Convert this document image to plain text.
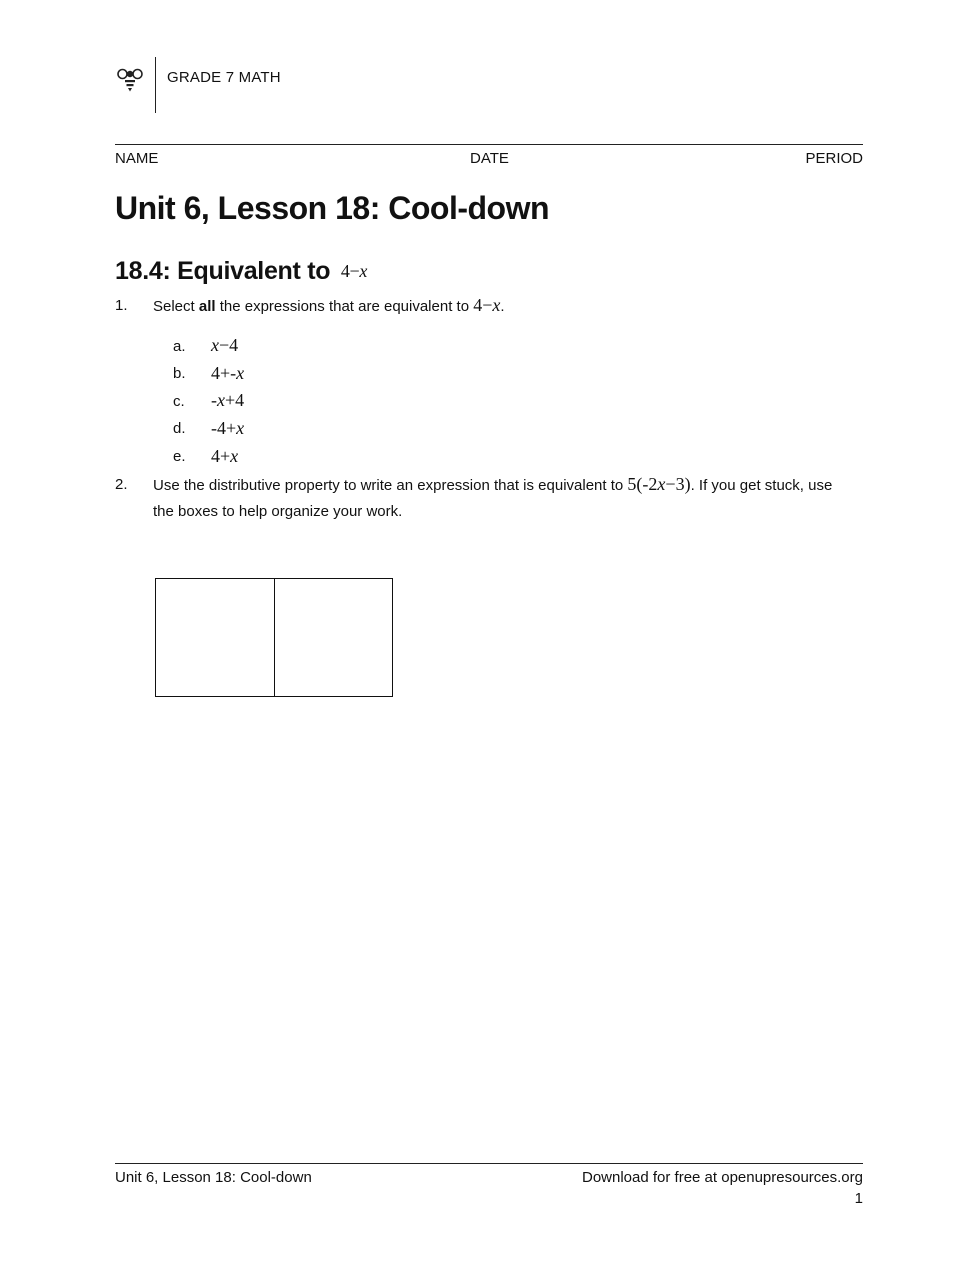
GRADE 7 MATH
NAME	DATE	PERIOD
Unit 6, Lesson 18: Cool-down
18.4: Equivalent to 4−x
1. Select all the expressions that are equivalent to 4−x.
a. x−4
b. 4+-x
c. -x+4
d. -4+x
e. 4+x
2. Use the distributive property to write an expression that is equivalent to 5(-2x−3). If you get stuck, use the boxes to help organize your work.
Unit 6, Lesson 18: Cool-down	Download for free at openupresources.org
1
